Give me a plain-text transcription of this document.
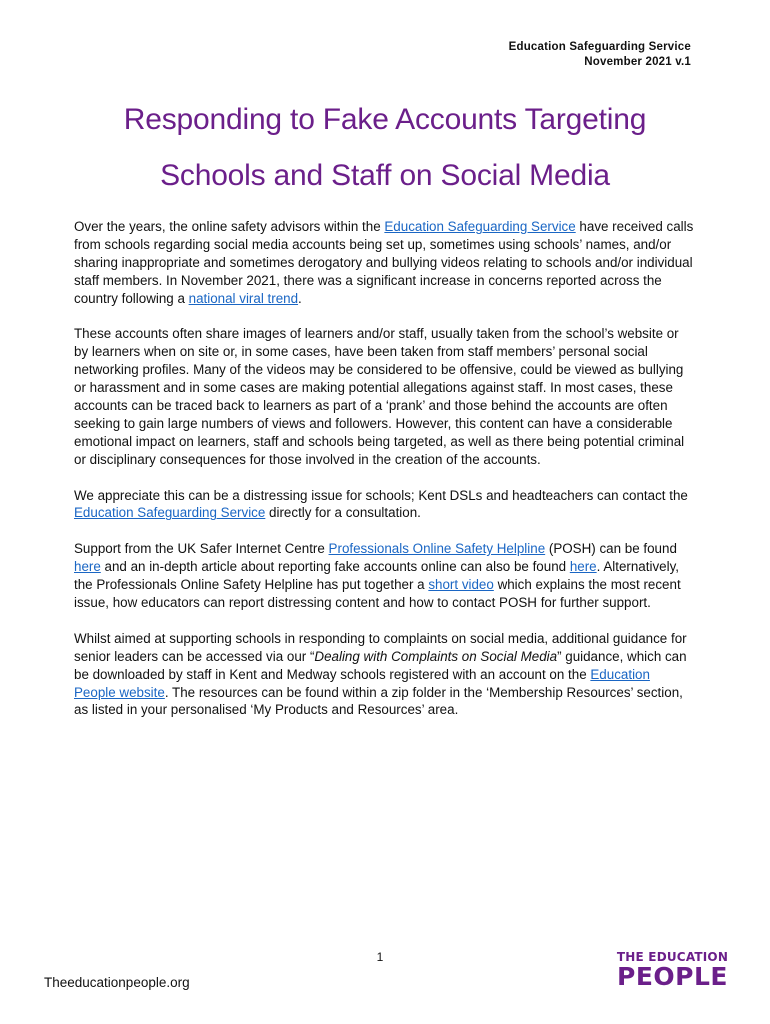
Education Safeguarding Service
November 2021 v.1
Responding to Fake Accounts Targeting
Schools and Staff on Social Media

Over the years, the online safety advisors within the Education Safeguarding Service have received calls from schools regarding social media accounts being set up, sometimes using schools’ names, and/or sharing inappropriate and sometimes derogatory and bullying videos relating to schools and/or individual staff members. In November 2021, there was a significant increase in concerns reported across the country following a national viral trend.

These accounts often share images of learners and/or staff, usually taken from the school’s website or by learners when on site or, in some cases, have been taken from staff members’ personal social networking profiles. Many of the videos may be considered to be offensive, could be viewed as bullying or harassment and in some cases are making potential allegations against staff. In most cases, these accounts can be traced back to learners as part of a ‘prank’ and those behind the accounts are often seeking to gain large numbers of views and followers. However, this content can have a considerable emotional impact on learners, staff and schools being targeted, as well as there being potential criminal or disciplinary consequences for those involved in the creation of the accounts.

We appreciate this can be a distressing issue for schools; Kent DSLs and headteachers can contact the Education Safeguarding Service directly for a consultation.

Support from the UK Safer Internet Centre Professionals Online Safety Helpline (POSH) can be found here and an in-depth article about reporting fake accounts online can also be found here. Alternatively, the Professionals Online Safety Helpline has put together a short video which explains the most recent issue, how educators can report distressing content and how to contact POSH for further support.

Whilst aimed at supporting schools in responding to complaints on social media, additional guidance for senior leaders can be accessed via our “Dealing with Complaints on Social Media” guidance, which can be downloaded by staff in Kent and Medway schools registered with an account on the Education People website. The resources can be found within a zip folder in the ‘Membership Resources’ section, as listed in your personalised ‘My Products and Resources’ area.

1
Theeducationpeople.org
THE EDUCATION
PEOPLE
